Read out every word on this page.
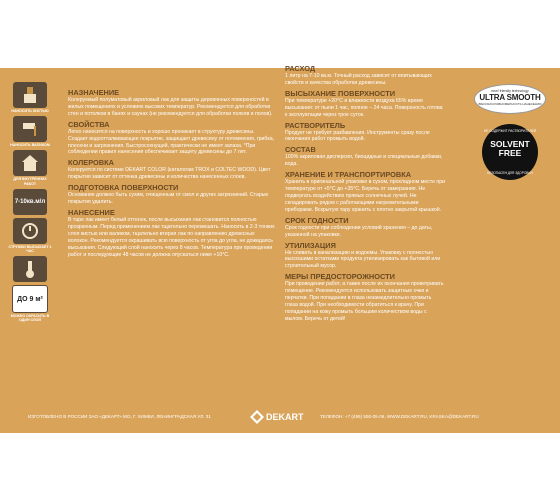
НАНОСИТЬ КИСТЬЮ
НАНОСИТЬ ВАЛИКОМ
ДЛЯ ВНУТРЕННИХ РАБОТ
7-10кв.м/л
СТРУЖКИ ВЫСЫХАЕТ 1 ЧАС
ДО 9 м²
МОЖНО ОКРАСИТЬ В ОДИН СЛОЙ
НАЗНАЧЕНИЕ
Колеруемый полуматовый акриловый лак для защиты деревянных поверхностей в жилых помещениях и условиях высоких температур. Рекомендуется для обработки стен и потолков в банях и саунах (не рекомендуется для обработки полков и полов).
СВОЙСТВА
Легко наносится на поверхность и хорошо проникает в структуру древесины. Создает водоотталкивающее покрытие, защищает древесину от потемнения, грибка, плесени и загрязнения. Быстросохнущий, практически не имеет запаха. *При соблюдении правил нанесения обеспечивает защиту древесины до 7 лет.
КОЛЕРОВКА
Колеруется по системе DEKART COLOR (каталогам TROX и COLTEC WOOD). Цвет покрытия зависит от оттенка древесины и количества нанесенных слоев.
ПОДГОТОВКА ПОВЕРХНОСТИ
Основание должно быть сухим, очищенным от смол и других загрязнений. Старые покрытия удалить.
НАНЕСЕНИЕ
В таре лак имеет белый оттенок, после высыхания лак становится полностью прозрачным. Перед применением лак тщательно перемешать. Наносить в 2-3 тонких слоя кистью или валиком, тщательно втирая лак по направлению древесных волокон. Рекомендуется окрашивать всю поверхность от угла до угла, не дожидаясь высыхания. Следующий слой наносить через 8 часов. Температура при проведении работ и последующие 48 часов не должна опускаться ниже +10°С.
РАСХОД
1 литр на 7-10 кв.м. Точный расход зависит от впитывающих свойств и качества обработки древесины.
ВЫСЫХАНИЕ ПОВЕРХНОСТИ
При температуре +20°С и влажности воздуха 65% время высыхания: от пыли 1 час, полное – 24 часа. Поверхность готова к эксплуатации через трое суток.
РАСТВОРИТЕЛЬ
Продукт не требует разбавления. Инструменты сразу после окончания работ промыть водой.
СОСТАВ
100% акриловая дисперсия, биоцидные и специальные добавки, вода.
ХРАНЕНИЕ И ТРАНСПОРТИРОВКА
Хранить в оригинальной упаковке в сухом, прохладном месте при температуре от +5°С до +35°С. Беречь от замерзания. Не подвергать воздействию прямых солнечных лучей. Не складировать рядом с работающими нагревательными приборами. Вскрытую тару хранить с плотно закрытой крышкой.
СРОК ГОДНОСТИ
Срок годности при соблюдении условий хранения – до даты, указанной на упаковке.
УТИЛИЗАЦИЯ
Не сливать в канализацию и водоемы. Упаковку с полностью высохшими остатками продукта утилизировать как бытовой или строительный мусор.
МЕРЫ ПРЕДОСТОРОЖНОСТИ
При проведении работ, а также после их окончания проветривать помещение. Рекомендуется использовать защитные очки и перчатки. При попадании в глаза незамедлительно промыть глаза водой. При необходимости обратиться к врачу. При попадании на кожу промыть большим количеством воды с мылом. Беречь от детей!
new! friendly technology
ULTRA SMOOTH
ВЫСОКАЯ РАВНОМЕРНОСТЬ НАНЕСЕНИЯ
НЕ СОДЕРЖИТ РАСТВОРИТЕЛЕЙ
SOLVENT FREE
БЕЗОПАСЕН ДЛЯ ЗДОРОВЬЯ
ИЗГОТОВЛЕНО В РОССИИ ЗАО «ДЕКАРТ» МО, Г. ХИМКИ, ЛЕНИНГРАДСКАЯ УЛ. 31	DEKART	ТЕЛЕФОН: +7 (495) 550-05-06, WWW.DEKART.RU, KRASKA@DEKART.RU
